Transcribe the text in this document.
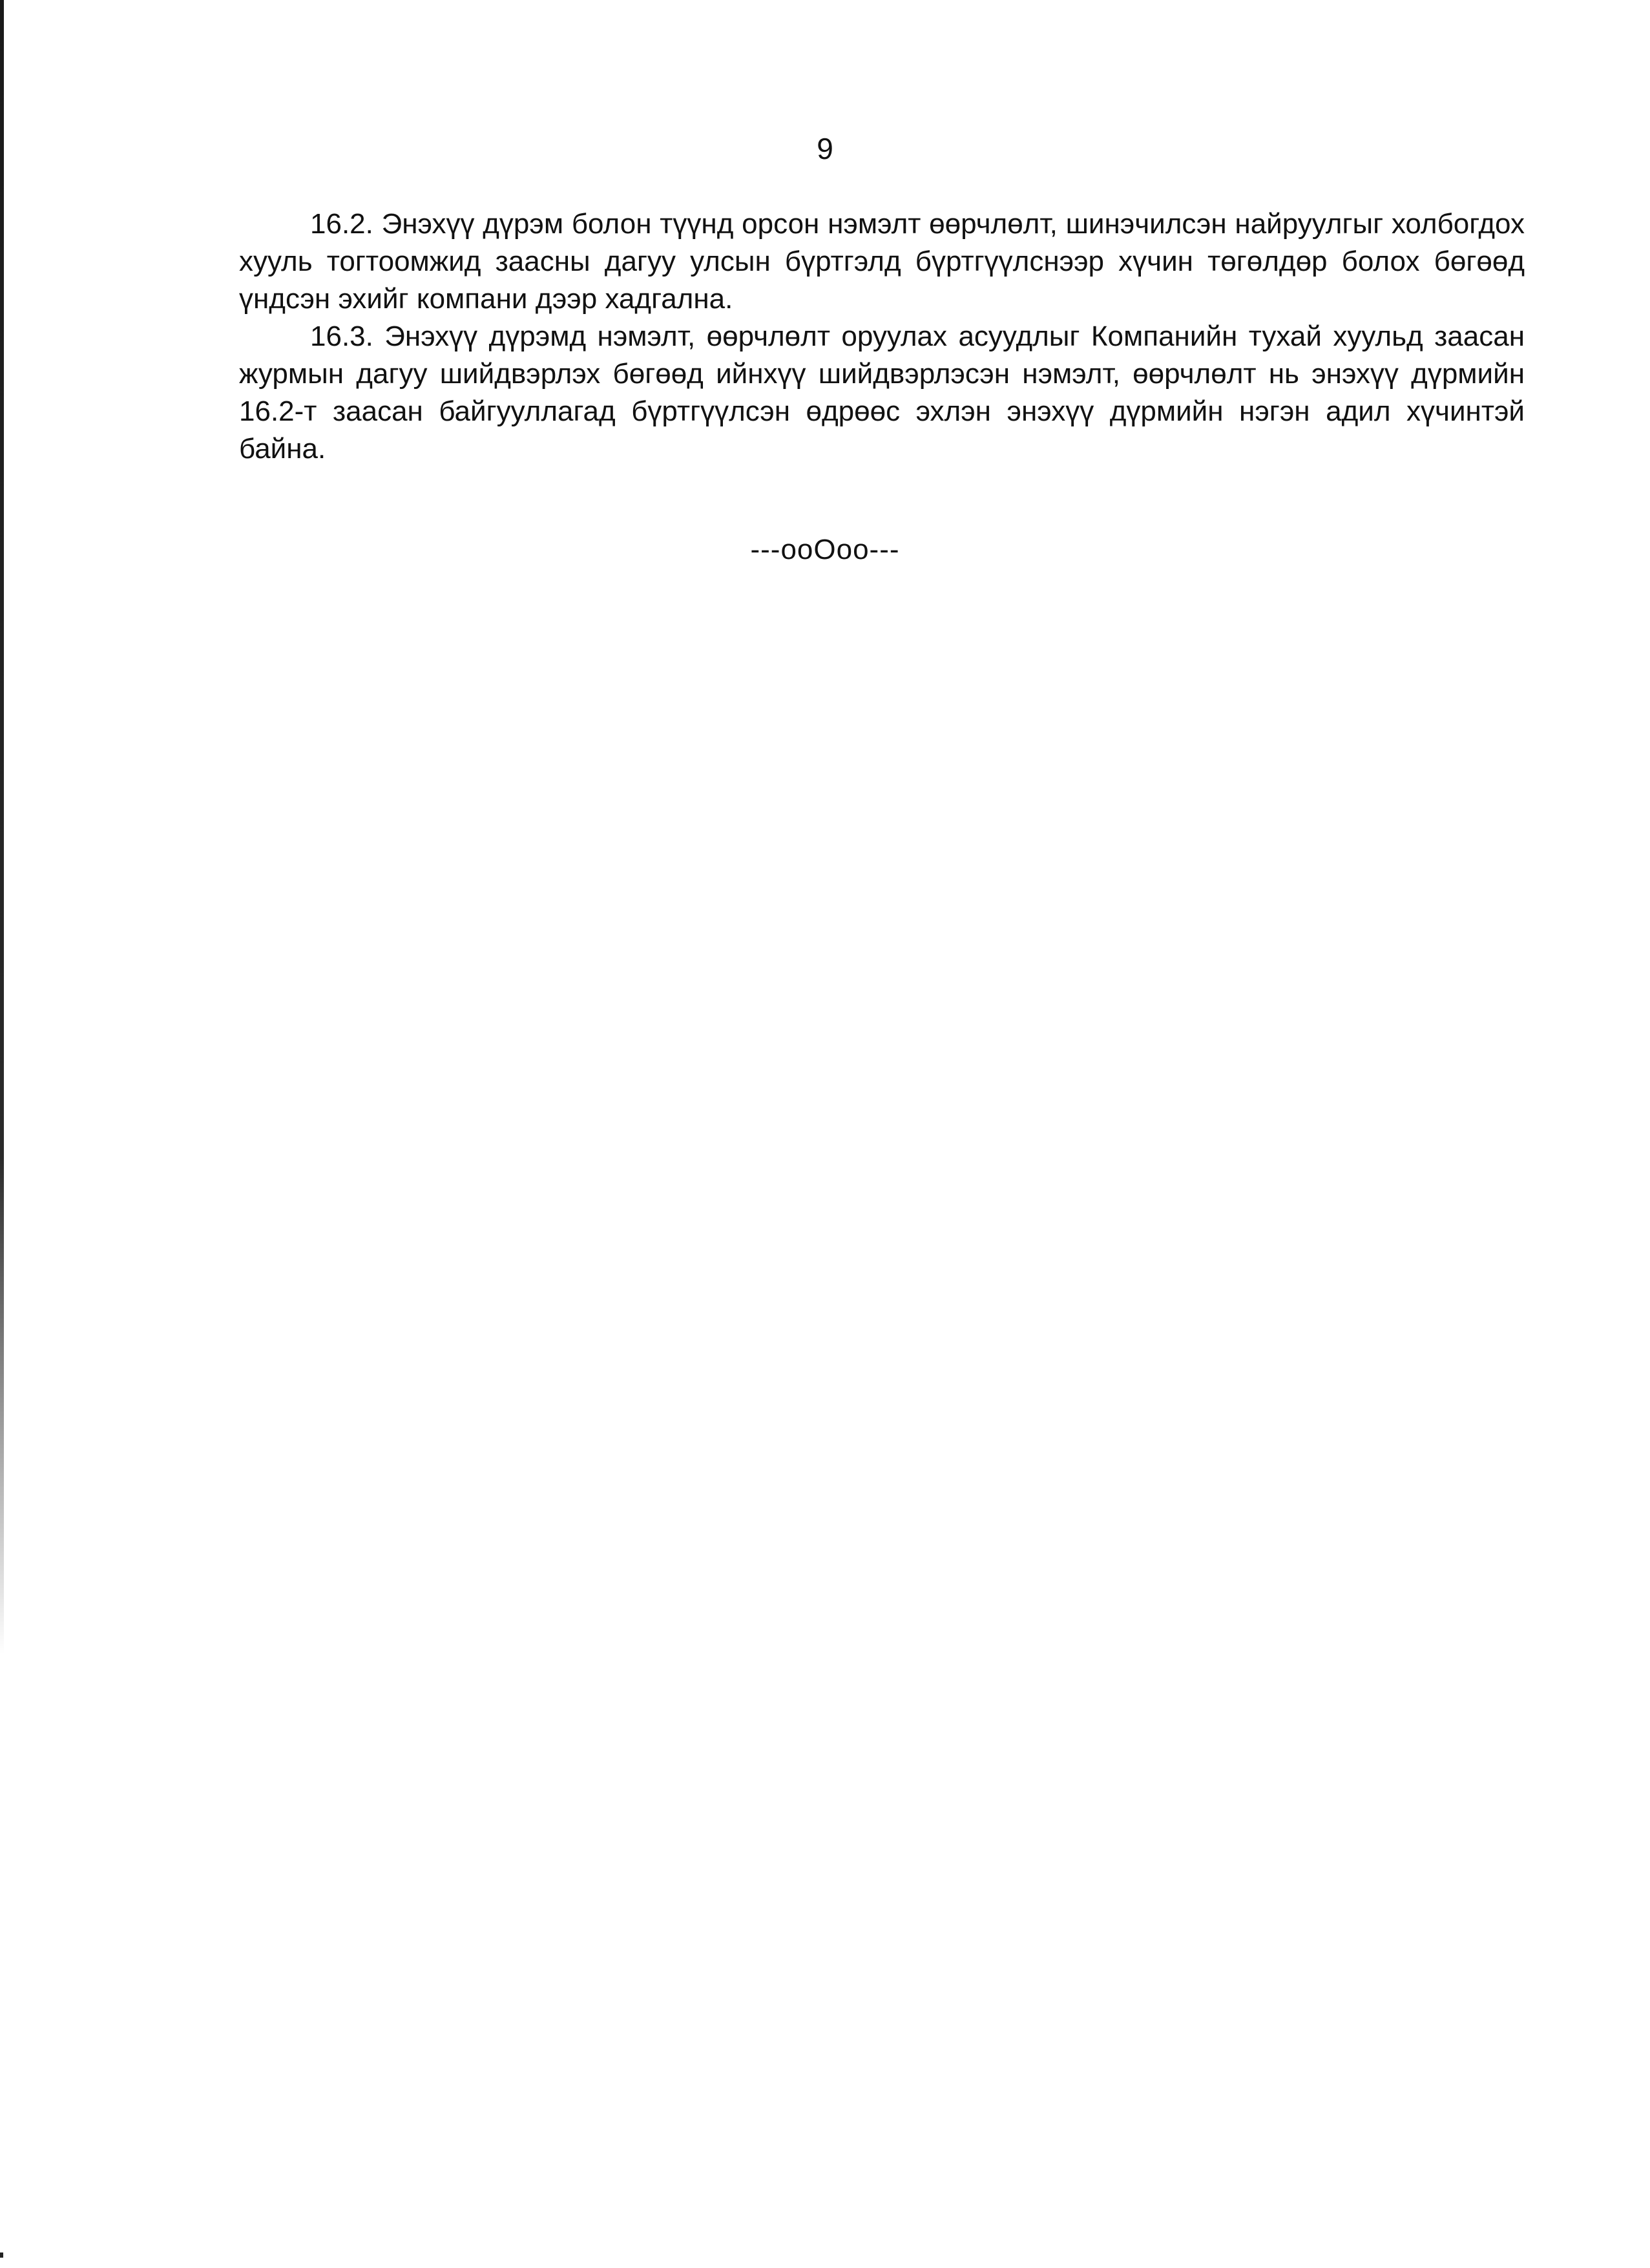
9

16.2. Энэхүү дүрэм болон түүнд орсон нэмэлт өөрчлөлт, шинэчилсэн найруулгыг холбогдох хууль тогтоомжид заасны дагуу улсын бүртгэлд бүртгүүлснээр хүчин төгөлдөр болох бөгөөд үндсэн эхийг компани дээр хадгална.

16.3. Энэхүү дүрэмд нэмэлт, өөрчлөлт оруулах асуудлыг Компанийн тухай хуульд заасан журмын дагуу шийдвэрлэх бөгөөд ийнхүү шийдвэрлэсэн нэмэлт, өөрчлөлт нь энэхүү дүрмийн 16.2-т заасан байгууллагад бүртгүүлсэн өдрөөс эхлэн энэхүү дүрмийн нэгэн адил хүчинтэй байна.

---ooOoo---
